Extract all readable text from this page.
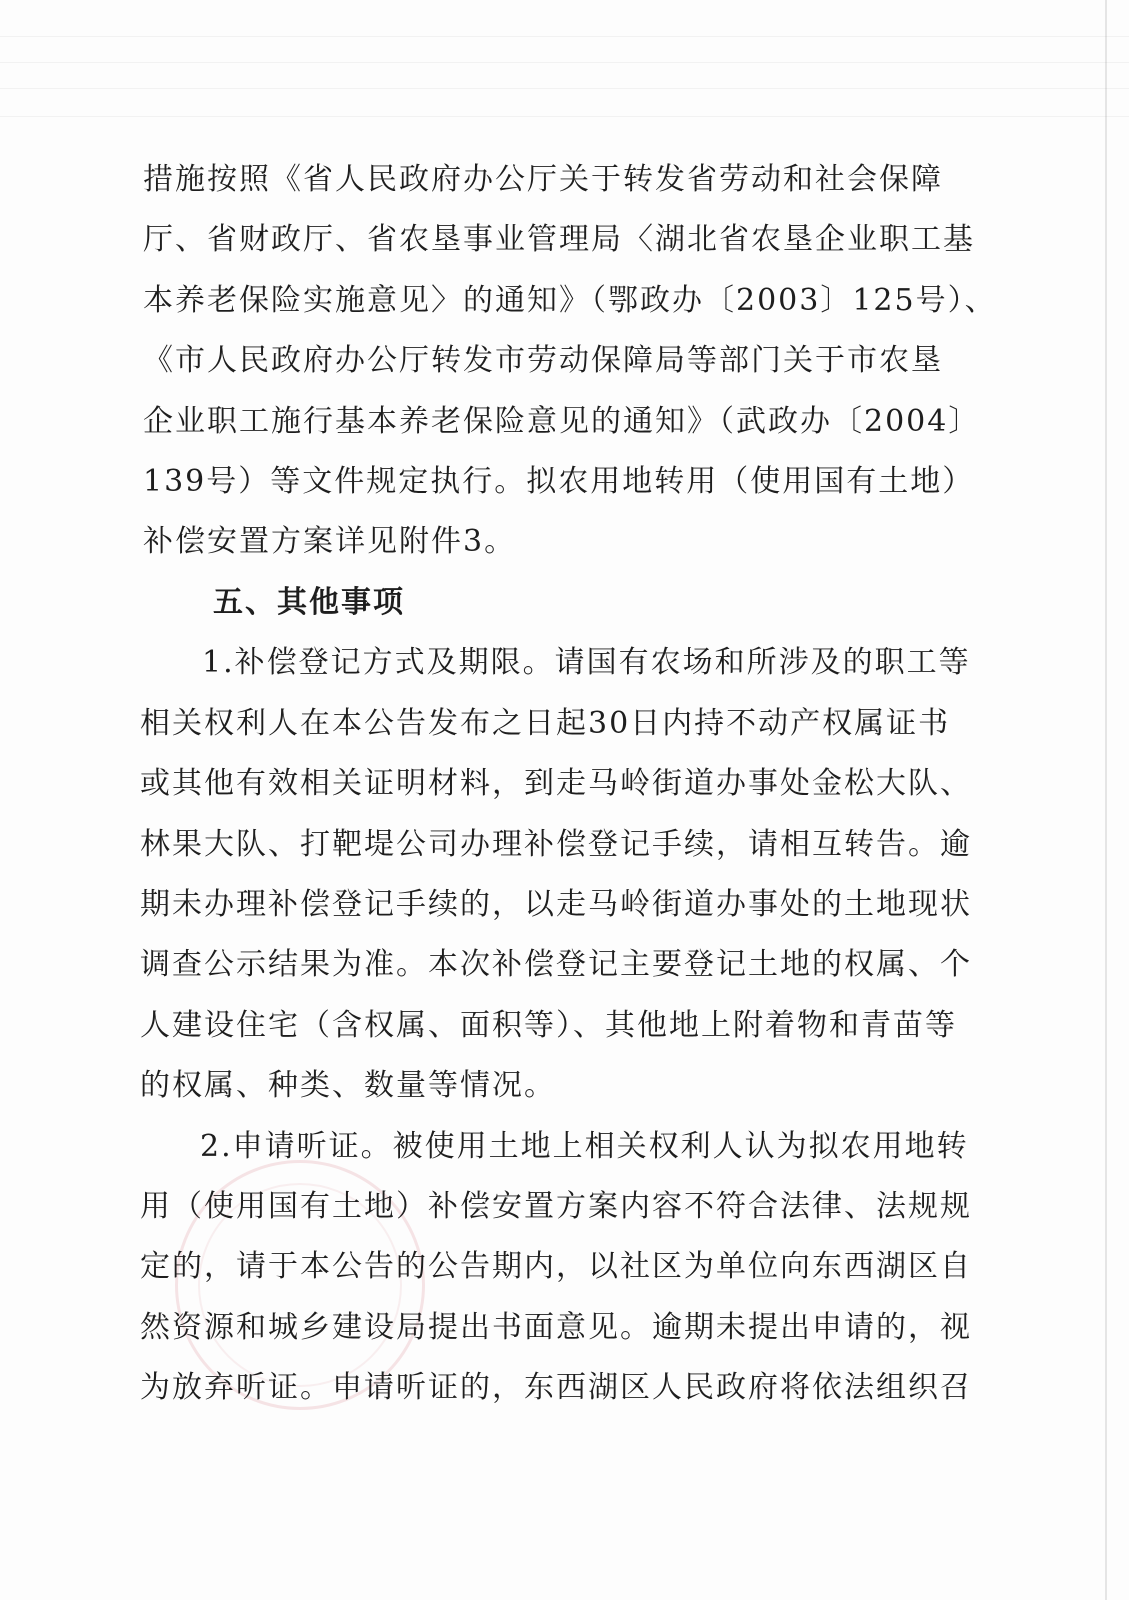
措施按照《省人民政府办公厅关于转发省劳动和社会保障
厅、省财政厅、省农垦事业管理局〈湖北省农垦企业职工基
本养老保险实施意见〉的通知》（鄂政办〔2003〕125号）、
《市人民政府办公厅转发市劳动保障局等部门关于市农垦
企业职工施行基本养老保险意见的通知》（武政办〔2004〕
139号）等文件规定执行。拟农用地转用（使用国有土地）
补偿安置方案详见附件3。
五、其他事项
1.补偿登记方式及期限。请国有农场和所涉及的职工等
相关权利人在本公告发布之日起30日内持不动产权属证书
或其他有效相关证明材料，到走马岭街道办事处金松大队、
林果大队、打靶堤公司办理补偿登记手续，请相互转告。逾
期未办理补偿登记手续的，以走马岭街道办事处的土地现状
调查公示结果为准。本次补偿登记主要登记土地的权属、个
人建设住宅（含权属、面积等）、其他地上附着物和青苗等
的权属、种类、数量等情况。
2.申请听证。被使用土地上相关权利人认为拟农用地转
用（使用国有土地）补偿安置方案内容不符合法律、法规规
定的，请于本公告的公告期内，以社区为单位向东西湖区自
然资源和城乡建设局提出书面意见。逾期未提出申请的，视
为放弃听证。申请听证的，东西湖区人民政府将依法组织召
